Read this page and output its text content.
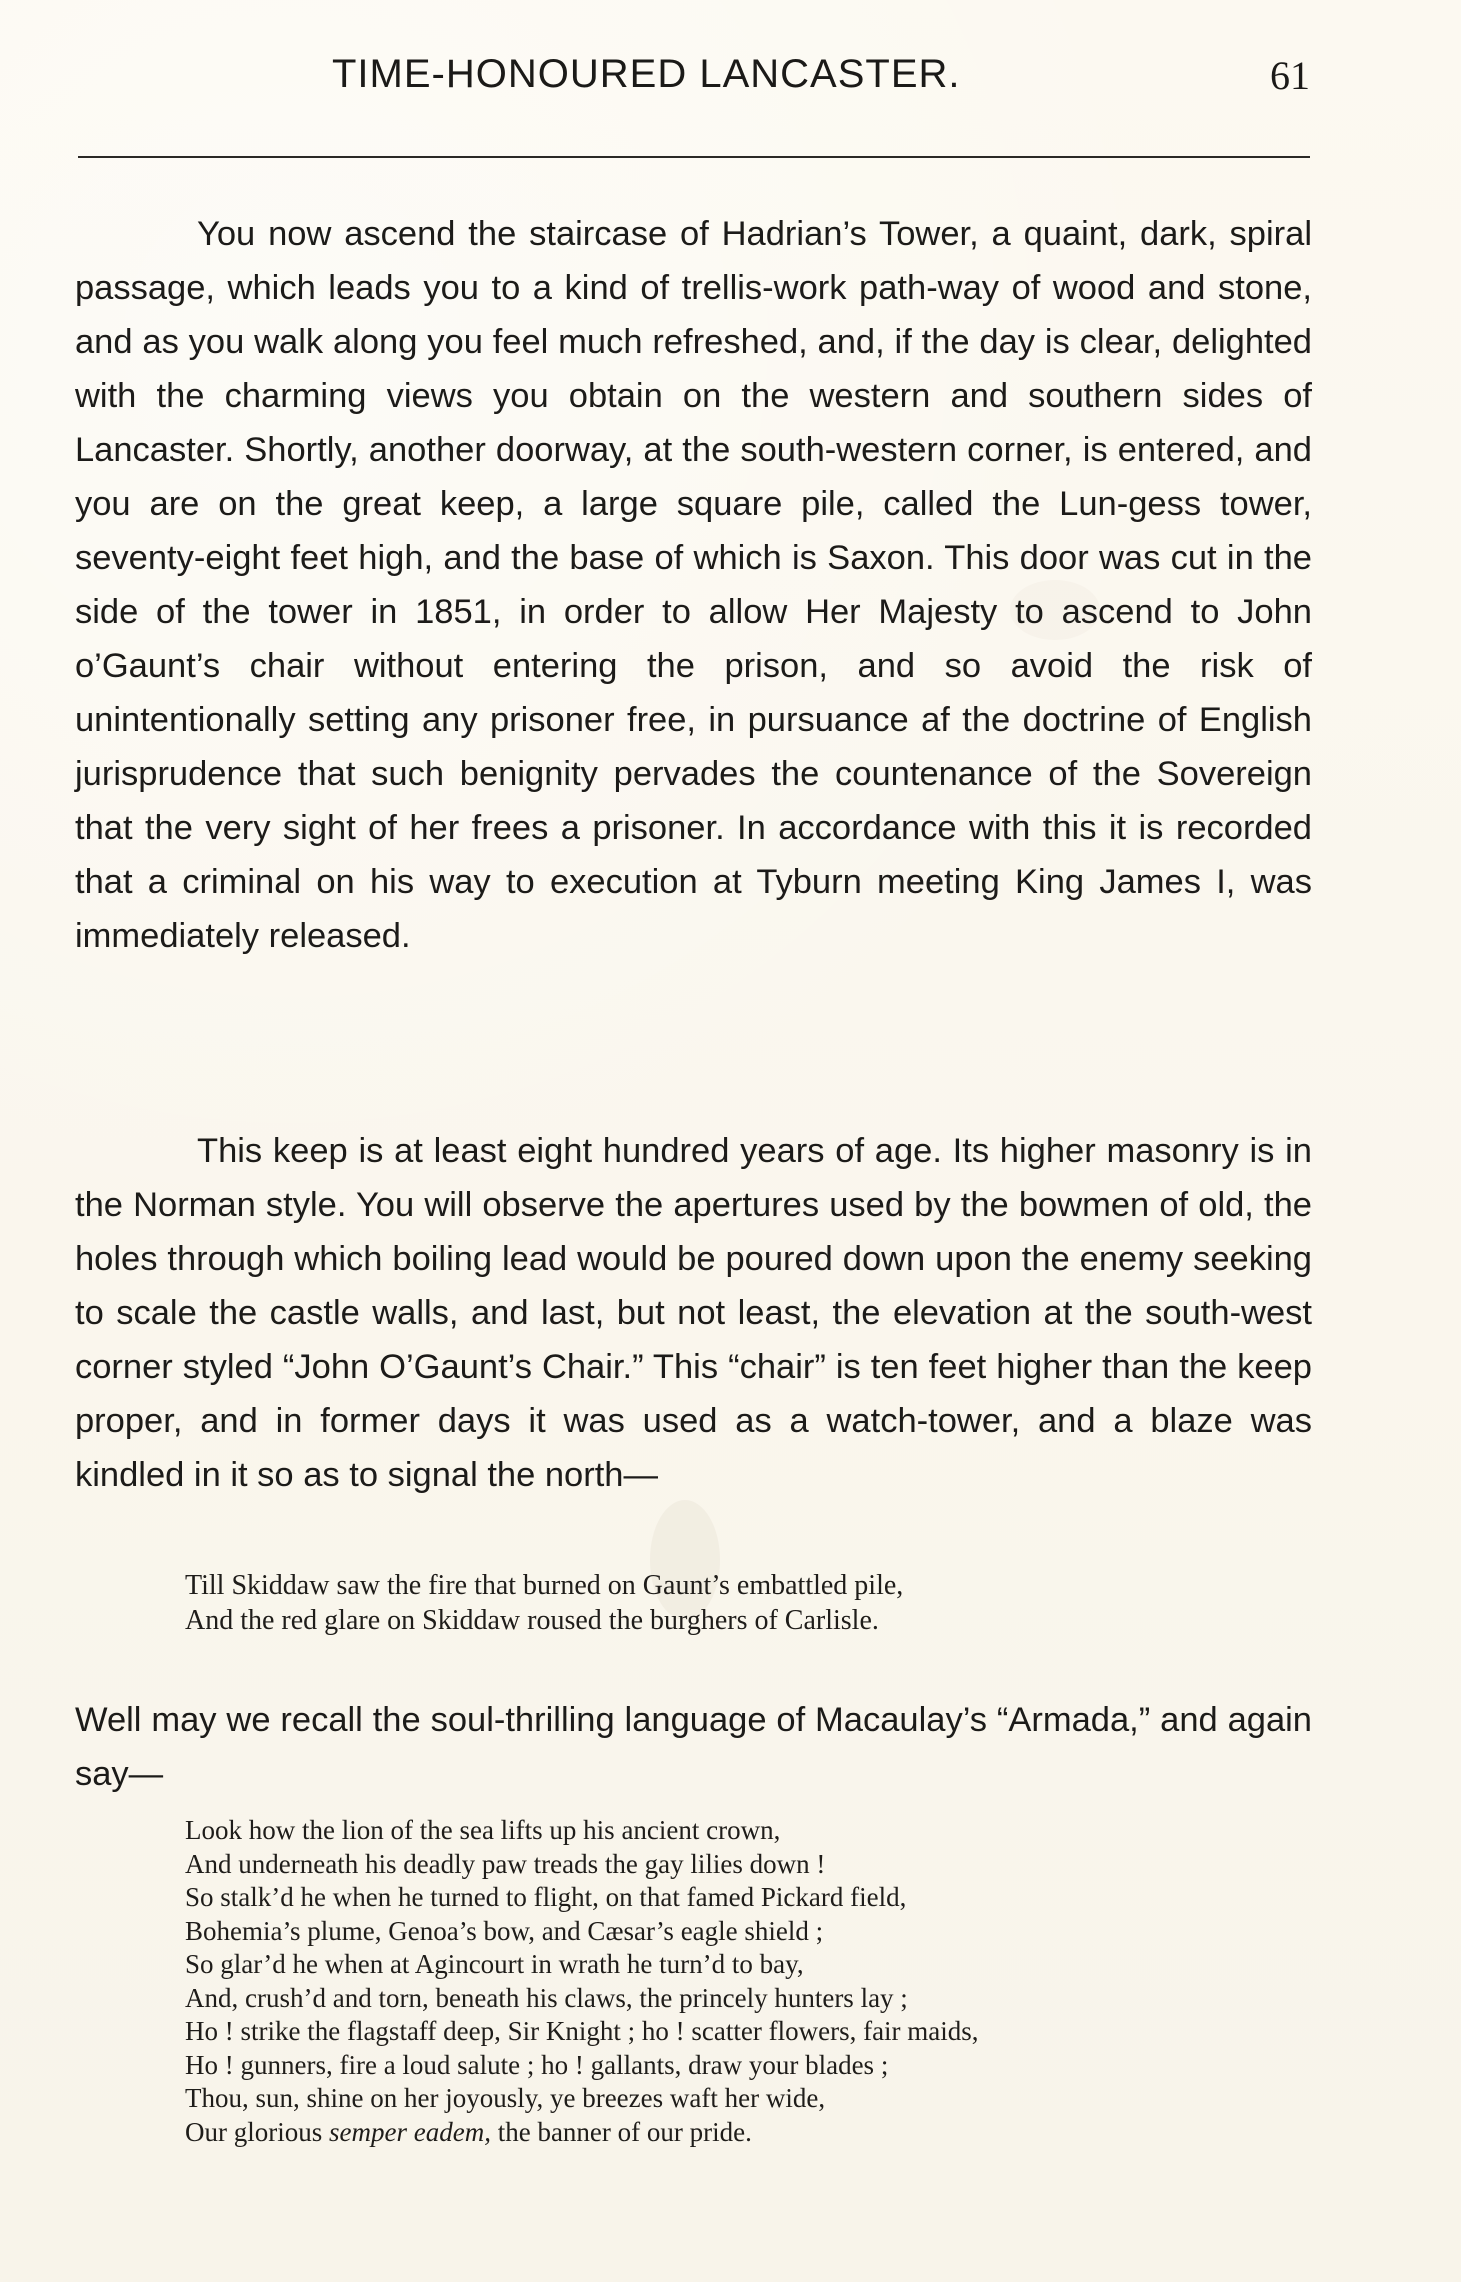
TIME-HONOURED LANCASTER.	61

You now ascend the staircase of Hadrian’s Tower, a quaint, dark, spiral passage, which leads you to a kind of trellis-work path-way of wood and stone, and as you walk along you feel much refreshed, and, if the day is clear, delighted with the charming views you obtain on the western and southern sides of Lancaster. Shortly, another doorway, at the south-western corner, is entered, and you are on the great keep, a large square pile, called the Lun-gess tower, seventy-eight feet high, and the base of which is Saxon. This door was cut in the side of the tower in 1851, in order to allow Her Majesty to ascend to John o’Gaunt’s chair without entering the prison, and so avoid the risk of unintentionally setting any prisoner free, in pursuance af the doctrine of English jurisprudence that such benignity pervades the countenance of the Sovereign that the very sight of her frees a prisoner. In accordance with this it is recorded that a criminal on his way to execution at Tyburn meeting King James I, was immediately released.

This keep is at least eight hundred years of age. Its higher masonry is in the Norman style. You will observe the apertures used by the bowmen of old, the holes through which boiling lead would be poured down upon the enemy seeking to scale the castle walls, and last, but not least, the elevation at the south-west corner styled “John O’Gaunt’s Chair.” This “chair” is ten feet higher than the keep proper, and in former days it was used as a watch-tower, and a blaze was kindled in it so as to signal the north—

Till Skiddaw saw the fire that burned on Gaunt’s embattled pile,
And the red glare on Skiddaw roused the burghers of Carlisle.

Well may we recall the soul-thrilling language of Macaulay’s “Armada,” and again say—

Look how the lion of the sea lifts up his ancient crown,
And underneath his deadly paw treads the gay lilies down !
So stalk’d he when he turned to flight, on that famed Pickard field,
Bohemia’s plume, Genoa’s bow, and Cæsar’s eagle shield ;
So glar’d he when at Agincourt in wrath he turn’d to bay,
And, crush’d and torn, beneath his claws, the princely hunters lay ;
Ho ! strike the flagstaff deep, Sir Knight ; ho ! scatter flowers, fair maids,
Ho ! gunners, fire a loud salute ; ho ! gallants, draw your blades ;
Thou, sun, shine on her joyously, ye breezes waft her wide,
Our glorious semper eadem, the banner of our pride.
